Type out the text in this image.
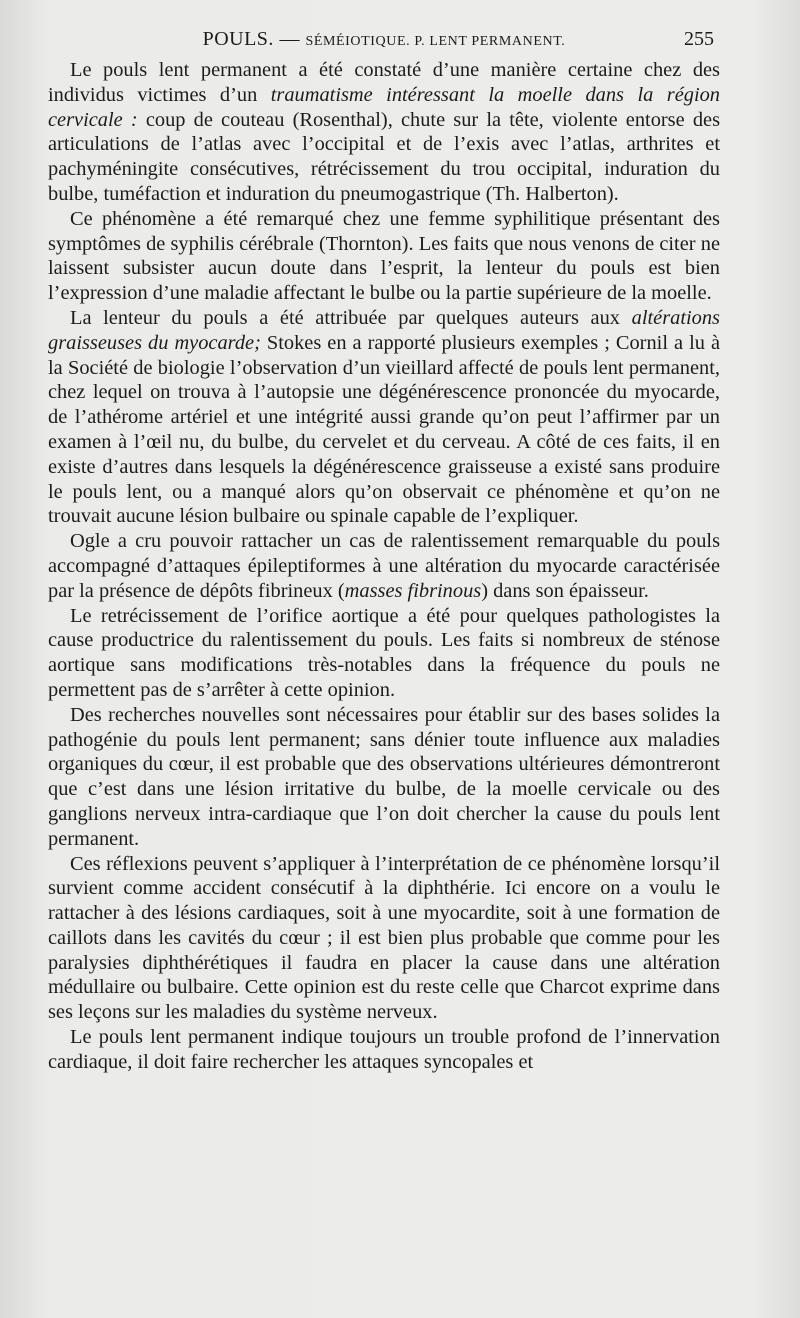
POULS. — SÉMÉIOTIQUE. P. LENT PERMANENT.	255

Le pouls lent permanent a été constaté d’une manière certaine chez des individus victimes d’un traumatisme intéressant la moelle dans la région cervicale : coup de couteau (Rosenthal), chute sur la tête, violente entorse des articulations de l’atlas avec l’occipital et de l’exis avec l’atlas, arthrites et pachyméningite consécutives, rétrécissement du trou occipital, induration du bulbe, tuméfaction et induration du pneumogastrique (Th. Halberton).

Ce phénomène a été remarqué chez une femme syphilitique présentant des symptômes de syphilis cérébrale (Thornton). Les faits que nous venons de citer ne laissent subsister aucun doute dans l’esprit, la lenteur du pouls est bien l’expression d’une maladie affectant le bulbe ou la partie supérieure de la moelle.

La lenteur du pouls a été attribuée par quelques auteurs aux altérations graisseuses du myocarde; Stokes en a rapporté plusieurs exemples ; Cornil a lu à la Société de biologie l’observation d’un vieillard affecté de pouls lent permanent, chez lequel on trouva à l’autopsie une dégénérescence prononcée du myocarde, de l’athérome artériel et une intégrité aussi grande qu’on peut l’affirmer par un examen à l’œil nu, du bulbe, du cervelet et du cerveau. A côté de ces faits, il en existe d’autres dans lesquels la dégénérescence graisseuse a existé sans produire le pouls lent, ou a manqué alors qu’on observait ce phénomène et qu’on ne trouvait aucune lésion bulbaire ou spinale capable de l’expliquer.

Ogle a cru pouvoir rattacher un cas de ralentissement remarquable du pouls accompagné d’attaques épileptiformes à une altération du myocarde caractérisée par la présence de dépôts fibrineux (masses fibrinous) dans son épaisseur.

Le retrécissement de l’orifice aortique a été pour quelques pathologistes la cause productrice du ralentissement du pouls. Les faits si nombreux de sténose aortique sans modifications très-notables dans la fréquence du pouls ne permettent pas de s’arrêter à cette opinion.

Des recherches nouvelles sont nécessaires pour établir sur des bases solides la pathogénie du pouls lent permanent; sans dénier toute influence aux maladies organiques du cœur, il est probable que des observations ultérieures démontreront que c’est dans une lésion irritative du bulbe, de la moelle cervicale ou des ganglions nerveux intra-cardiaque que l’on doit chercher la cause du pouls lent permanent.

Ces réflexions peuvent s’appliquer à l’interprétation de ce phénomène lorsqu’il survient comme accident consécutif à la diphthérie. Ici encore on a voulu le rattacher à des lésions cardiaques, soit à une myocardite, soit à une formation de caillots dans les cavités du cœur ; il est bien plus probable que comme pour les paralysies diphthérétiques il faudra en placer la cause dans une altération médullaire ou bulbaire. Cette opinion est du reste celle que Charcot exprime dans ses leçons sur les maladies du système nerveux.

Le pouls lent permanent indique toujours un trouble profond de l’innervation cardiaque, il doit faire rechercher les attaques syncopales et
